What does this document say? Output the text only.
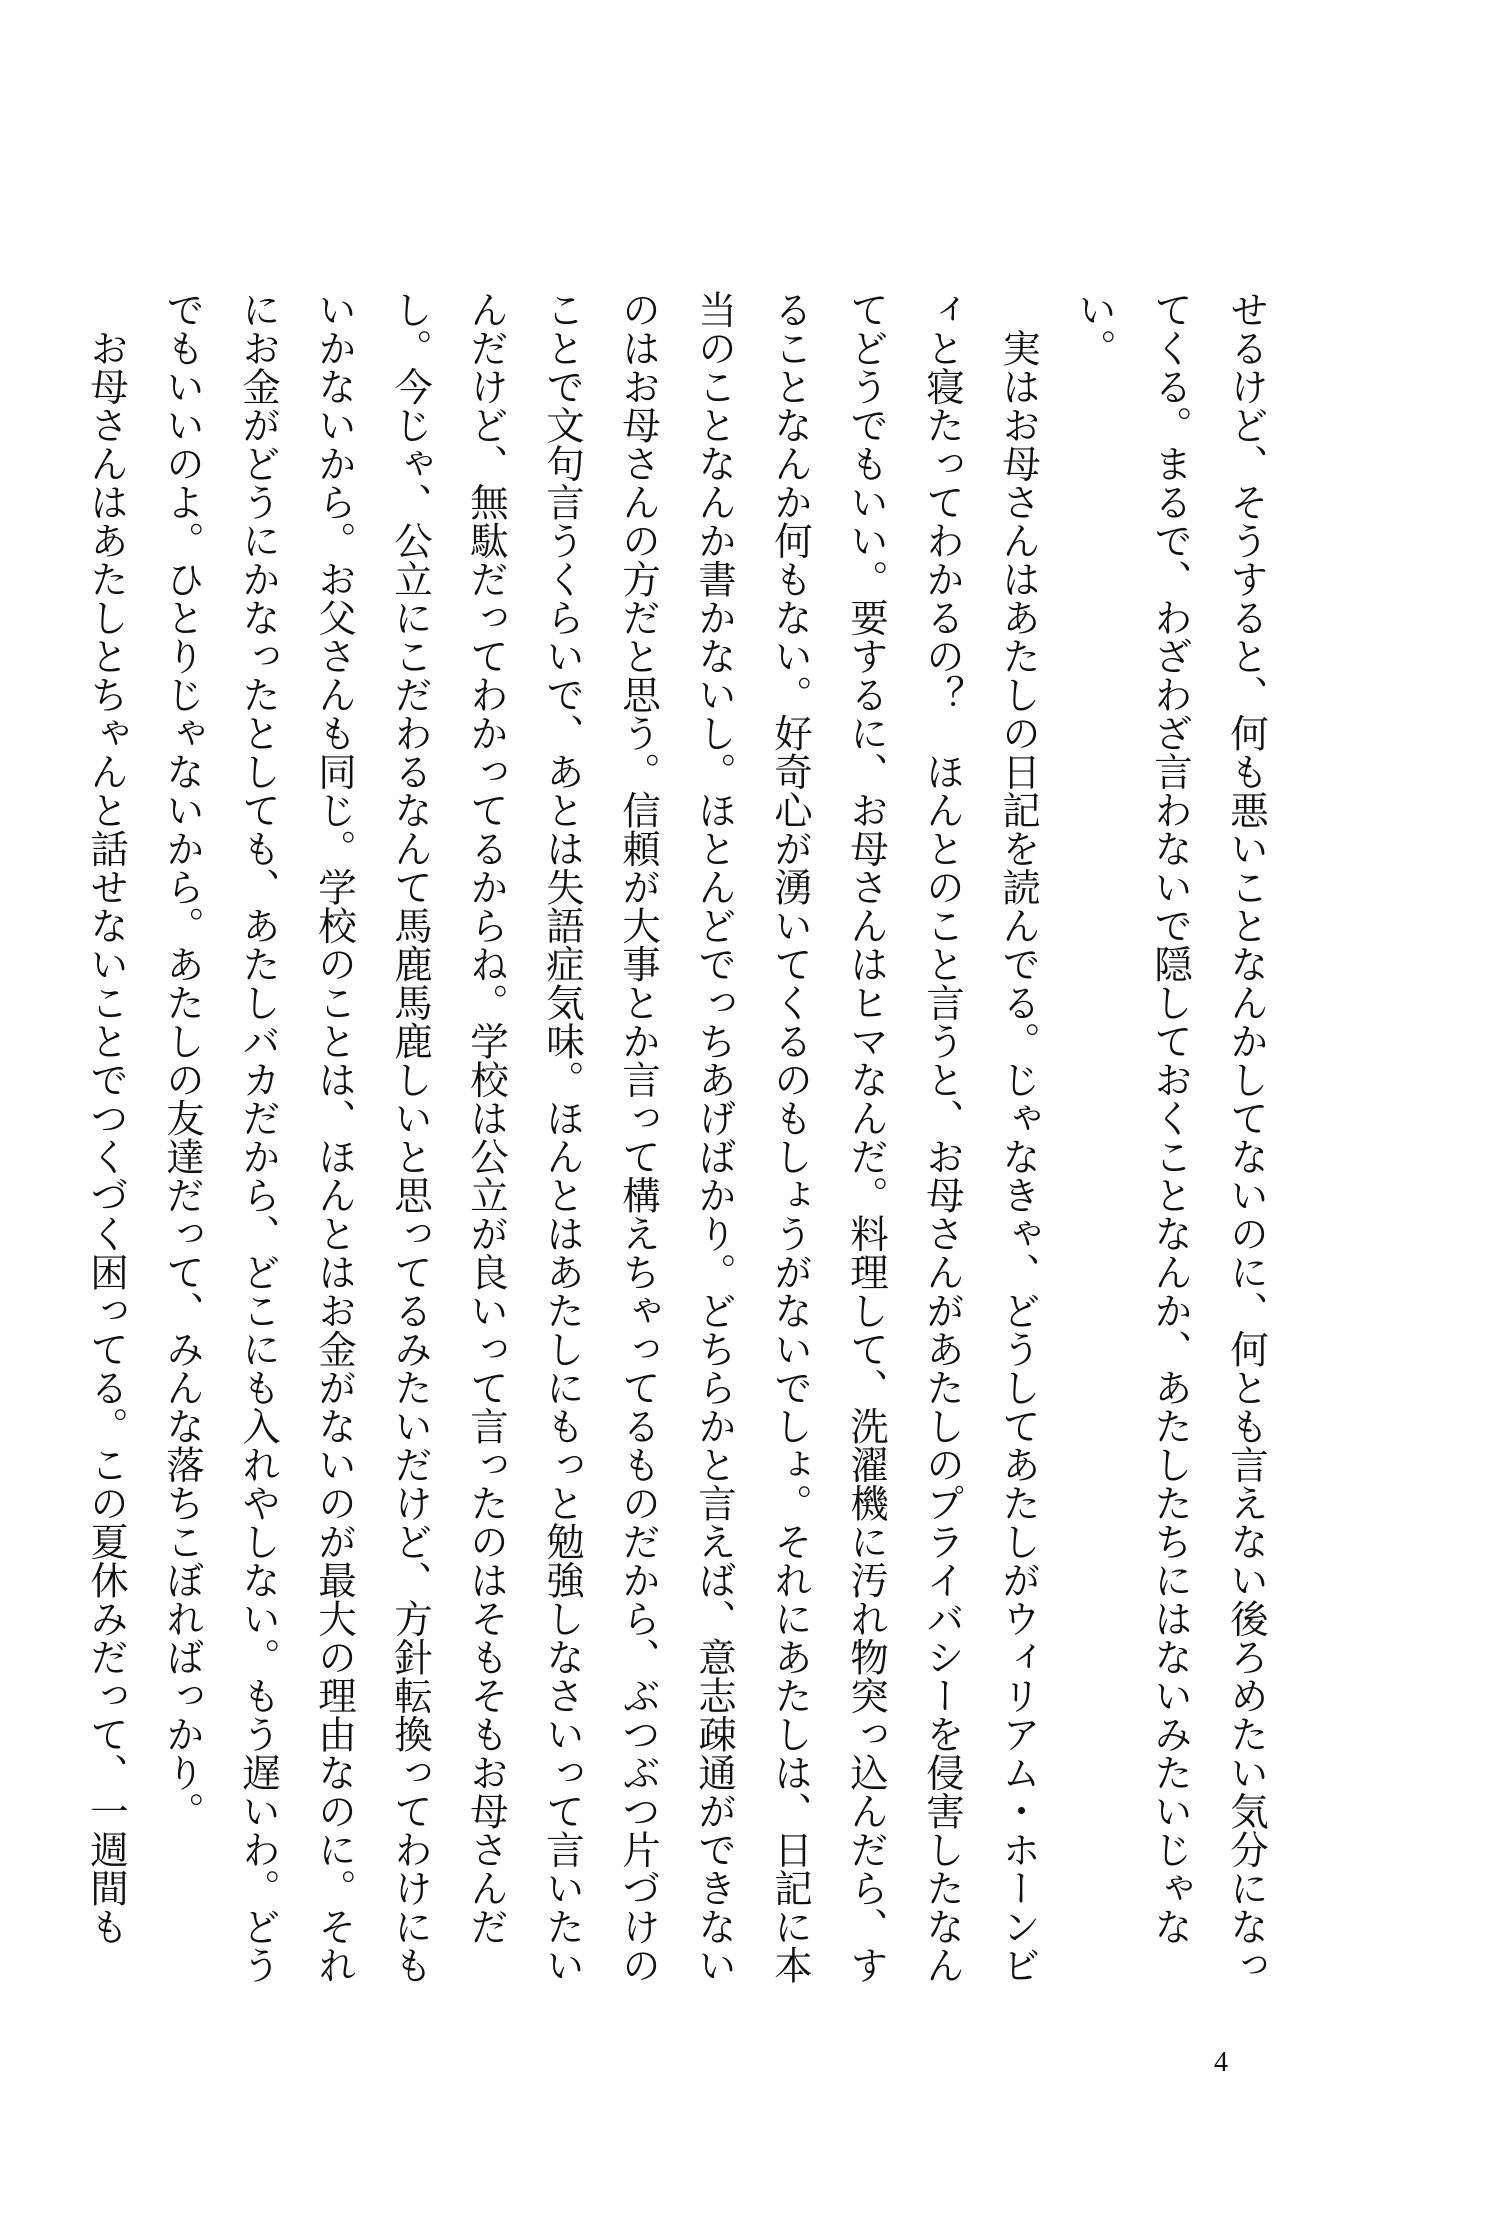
せるけど、そうすると、何も悪いことなんかしてないのに、何とも言えない後ろめたい気分になってくる。まるで、わざわざ言わないで隠しておくことなんか、あたしたちにはないみたいじゃない。

　実はお母さんはあたしの日記を読んでる。じゃなきゃ、どうしてあたしがウィリアム・ホーンビィと寝たってわかるの？　ほんとのこと言うと、お母さんがあたしのプライバシーを侵害したなんてどうでもいい。要するに、お母さんはヒマなんだ。料理して、洗濯機に汚れ物突っ込んだら、することなんか何もない。好奇心が湧いてくるのもしょうがないでしょ。それにあたしは、日記に本当のことなんか書かないし。ほとんどでっちあげばかり。どちらかと言えば、意志疎通ができないのはお母さんの方だと思う。信頼が大事とか言って構えちゃってるものだから、ぶつぶつ片づけのことで文句言うくらいで、あとは失語症気味。ほんとはあたしにもっと勉強しなさいって言いたいんだけど、無駄だってわかってるからね。学校は公立が良いって言ったのはそもそもお母さんだし。今じゃ、公立にこだわるなんて馬鹿馬鹿しいと思ってるみたいだけど、方針転換ってわけにもいかないから。お父さんも同じ。学校のことは、ほんとはお金がないのが最大の理由なのに。それにお金がどうにかなったとしても、あたしバカだから、どこにも入れやしない。もう遅いわ。どうでもいいのよ。ひとりじゃないから。あたしの友達だって、みんな落ちこぼればっかり。

　お母さんはあたしとちゃんと話せないことでつくづく困ってる。この夏休みだって、一週間も

4
